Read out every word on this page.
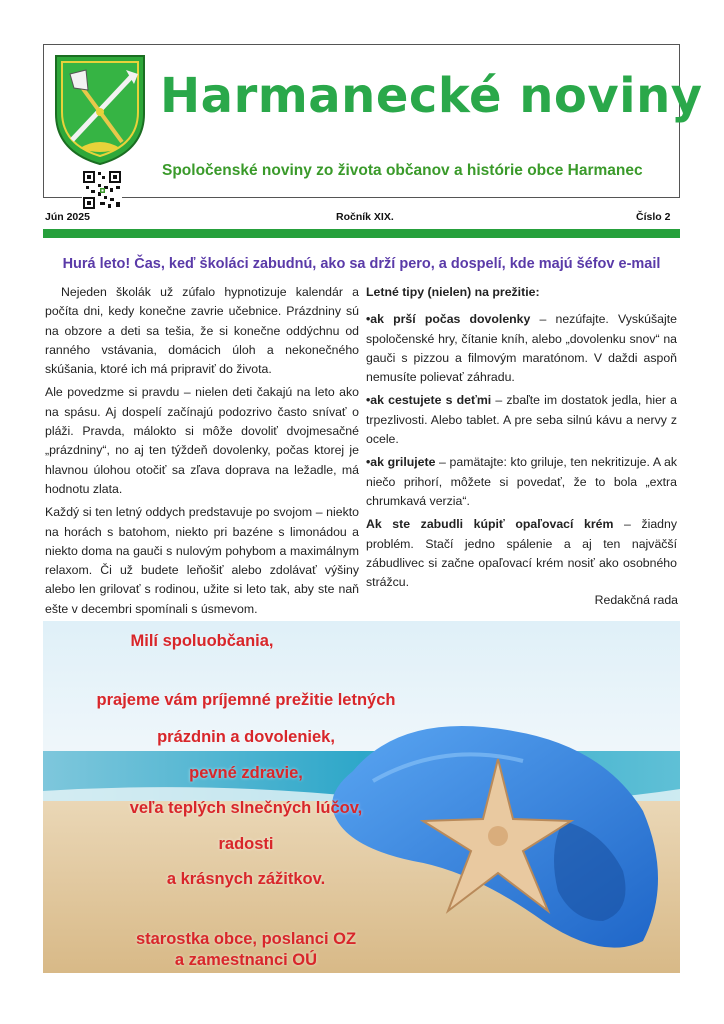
Harmanecké noviny
Spoločenské noviny zo života občanov a histórie obce Harmanec
Jún 2025	Ročník XIX.	Číslo 2
Hurá leto! Čas, keď školáci zabudnú, ako sa drží pero, a dospelí, kde majú šéfov e-mail

Nejeden školák už zúfalo hypnotizuje kalendár a počíta dni, kedy konečne zavrie učebnice. Prázdniny sú na obzore a deti sa tešia, že si konečne oddýchnu od ranného vstávania, domácich úloh a nekonečného skúšania, ktoré ich má pripraviť do života.

Ale povedzme si pravdu – nielen deti čakajú na leto ako na spásu. Aj dospelí začínajú podozrivo často snívať o pláži. Pravda, málokto si môže dovoliť dvojmesačné „prázdniny“, no aj ten týždeň dovolenky, počas ktorej je hlavnou úlohou otočiť sa zľava doprava na ležadle, má hodnotu zlata.

Každý si ten letný oddych predstavuje po svojom – niekto na horách s batohom, niekto pri bazéne s limonádou a niekto doma na gauči s nulovým pohybom a maximálnym relaxom. Či už budete leňošiť alebo zdolávať výšiny alebo len grilovať s rodinou, užite si leto tak, aby ste naň ešte v decembri spomínali s úsmevom.

Letné tipy (nielen) na prežitie:

•ak prší počas dovolenky – nezúfajte. Vyskúšajte spoločenské hry, čítanie kníh, alebo „dovolenku snov“ na gauči s pizzou a filmovým maratónom. V daždi aspoň nemusíte polievať záhradu.

•ak cestujete s deťmi – zbaľte im dostatok jedla, hier a trpezlivosti. Alebo tablet. A pre seba silnú kávu a nervy z ocele.

•ak grilujete – pamätajte: kto griluje, ten nekritizuje. A ak niečo prihorí, môžete si povedať, že to bola „extra chrumkavá verzia“.

Ak ste zabudli kúpiť opaľovací krém – žiadny problém. Stačí jedno spálenie a aj ten najväčší zábudlivec si začne opaľovací krém nosiť ako osobného strážcu.

Redakčná rada
Milí spoluobčania,
prajeme vám príjemné prežitie letných
prázdnin a dovoleniek,
pevné zdravie,
veľa teplých slnečných lúčov,
radosti
a krásnych zážitkov.
starostka obce, poslanci OZ
a zamestnanci OÚ
